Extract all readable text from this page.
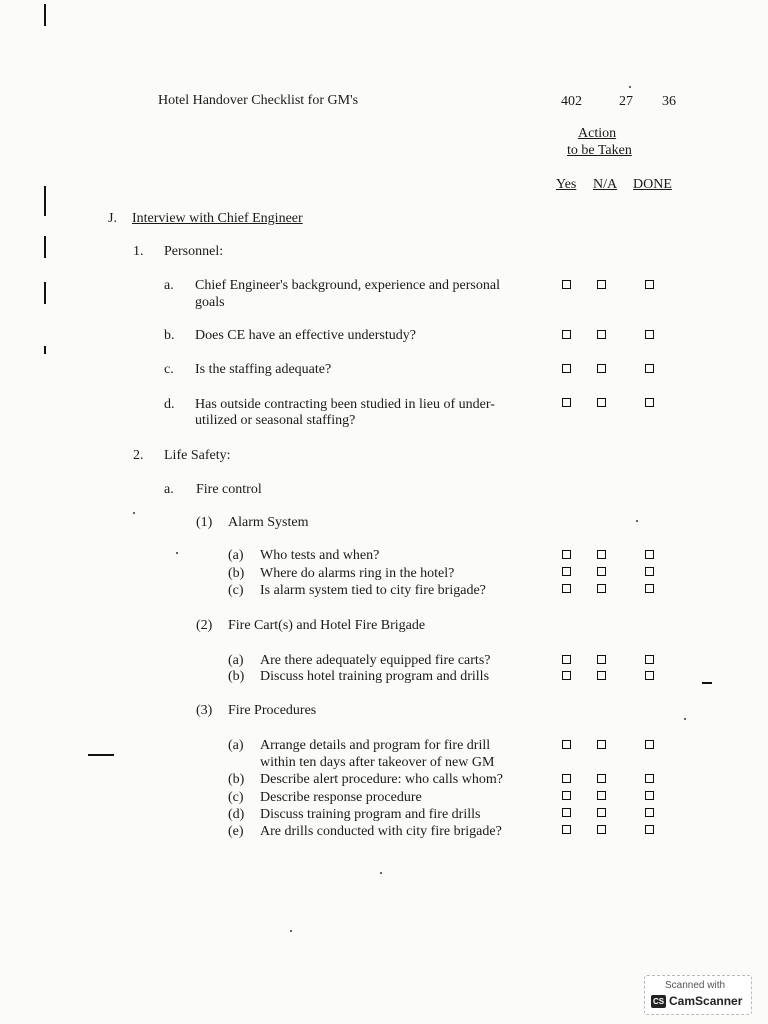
Hotel Handover Checklist for GM's	402	27 36
Action
to be Taken
Yes N/A DONE
J. Interview with Chief Engineer
1. Personnel:
a. Chief Engineer's background, experience and personal
goals
b. Does CE have an effective understudy?
c. Is the staffing adequate?
d. Has outside contracting been studied in lieu of under-
utilized or seasonal staffing?
2. Life Safety:
a. Fire control
(1) Alarm System
(a) Who tests and when?
(b) Where do alarms ring in the hotel?
(c) Is alarm system tied to city fire brigade?
(2) Fire Cart(s) and Hotel Fire Brigade
(a) Are there adequately equipped fire carts?
(b) Discuss hotel training program and drills
(3) Fire Procedures
(a) Arrange details and program for fire drill
within ten days after takeover of new GM
(b) Describe alert procedure: who calls whom?
(c) Describe response procedure
(d) Discuss training program and fire drills
(e) Are drills conducted with city fire brigade?
Scanned with
CS CamScanner
